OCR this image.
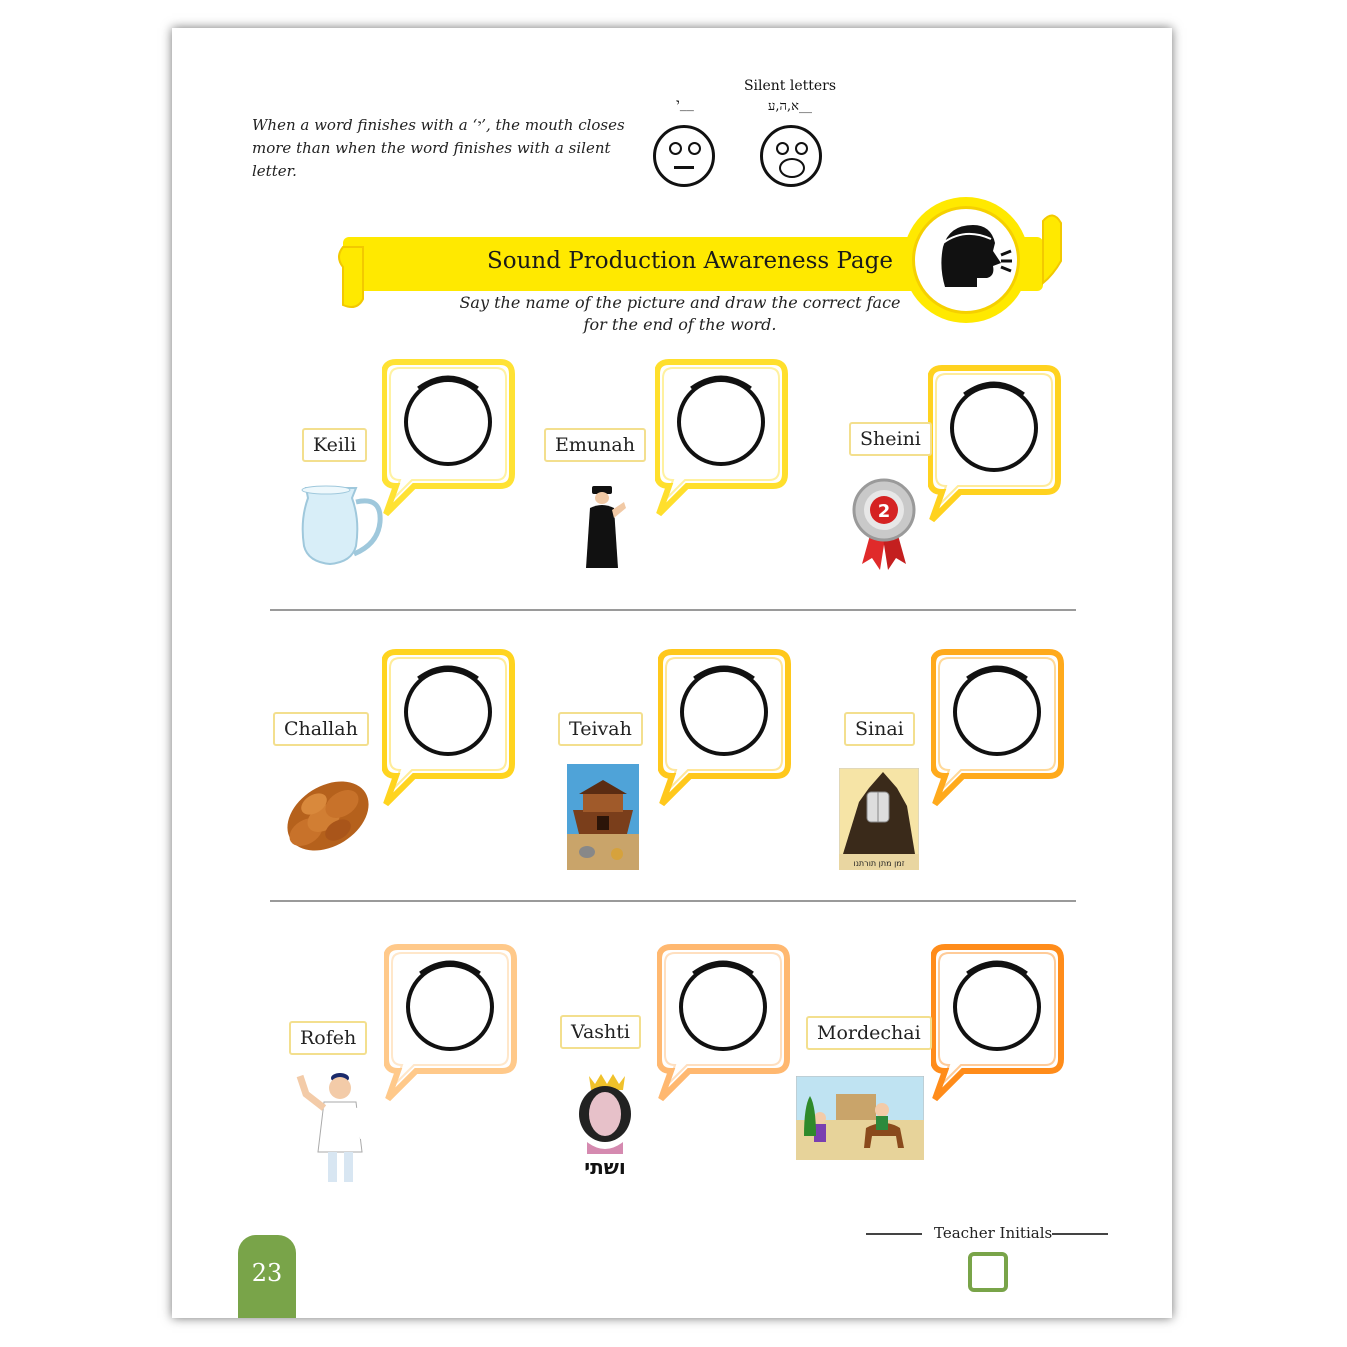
When a word finishes with a ‘י’, the mouth closes more than when the word finishes with a silent letter.
י__
Silent letters
א,ה,ע__
Sound Production Awareness Page
Say the name of the picture and draw the correct face
for the end of the word.
Keili	Emunah	Sheini
Challah	Teivah	Sinai
Rofeh	Vashti	Mordechai
2
זמן מתן תורתנו
ושתי
23
Teacher Initials
